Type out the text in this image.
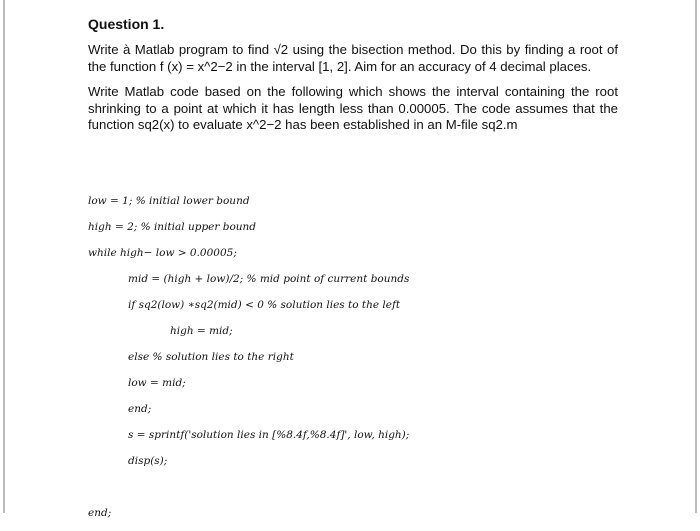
Question 1.

Write à Matlab program to find √2 using the bisection method. Do this by finding a root of the function f (x) = x^2−2 in the interval [1, 2]. Aim for an accuracy of 4 decimal places.

Write Matlab code based on the following which shows the interval containing the root shrinking to a point at which it has length less than 0.00005. The code assumes that the function sq2(x) to evaluate x^2−2 has been established in an M-file sq2.m

low = 1; % initial lower bound
high = 2; % initial upper bound
while high− low > 0.00005;
mid = (high + low)/2; % mid point of current bounds
if sq2(low) ∗sq2(mid) < 0 % solution lies to the left
high = mid;
else % solution lies to the right
low = mid;
end;
s = sprintf('solution lies in [%8.4f,%8.4f]', low, high);
disp(s);
end;
